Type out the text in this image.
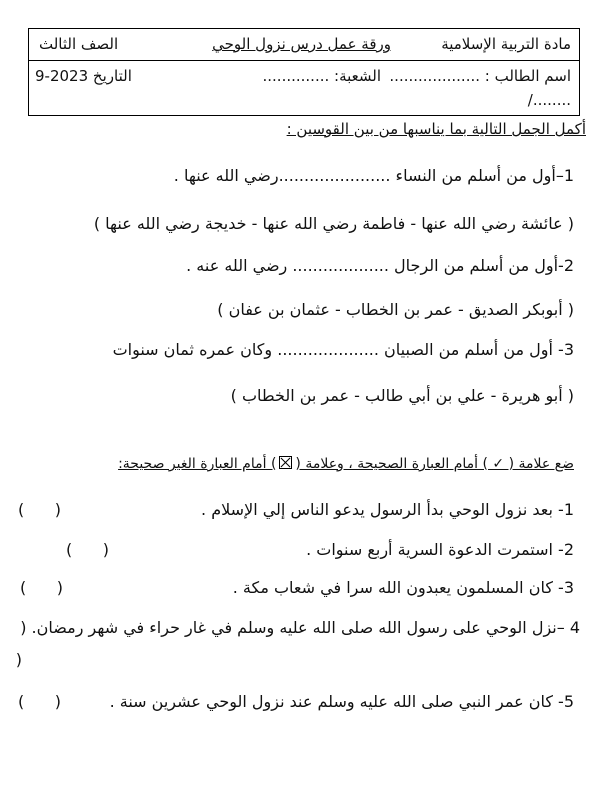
مادة التربية الإسلامية
ورقة عمل درس نزول الوحي
الصف الثالث
اسم الطالب : ...................
الشعبة: ..............
التاريخ 2023-9
/........
أكمل الجمل التالية بما يناسبها من بين القوسين :
1–أول من أسلم من النساء ......................رضي الله عنها .
( عائشة رضي الله عنها - فاطمة رضي الله عنها - خديجة رضي الله عنها )
2-أول من أسلم من الرجال ................... رضي الله عنه .
( أبوبكر الصديق - عمر بن الخطاب - عثمان بن عفان )
3- أول من أسلم من الصبيان .................... وكان عمره ثمان سنوات
( أبو هريرة - علي بن أبي طالب - عمر بن الخطاب )
ضع علامة ( ✓ ) أمام العبارة الصحيحة ، وعلامة () أمام العبارة الغير صحيحة:
1- بعد نزول الوحي بدأ الرسول يدعو الناس إلي الإسلام .
(      )
2- استمرت الدعوة السرية أربع سنوات .
(      )
3- كان المسلمون يعبدون الله سرا في شعاب مكة .
(      )
4 –نزل الوحي على رسول الله صلى الله عليه وسلم في غار حراء في شهر رمضان. (
)
5- كان عمر النبي صلى الله عليه وسلم عند نزول الوحي عشرين سنة .
(      )
